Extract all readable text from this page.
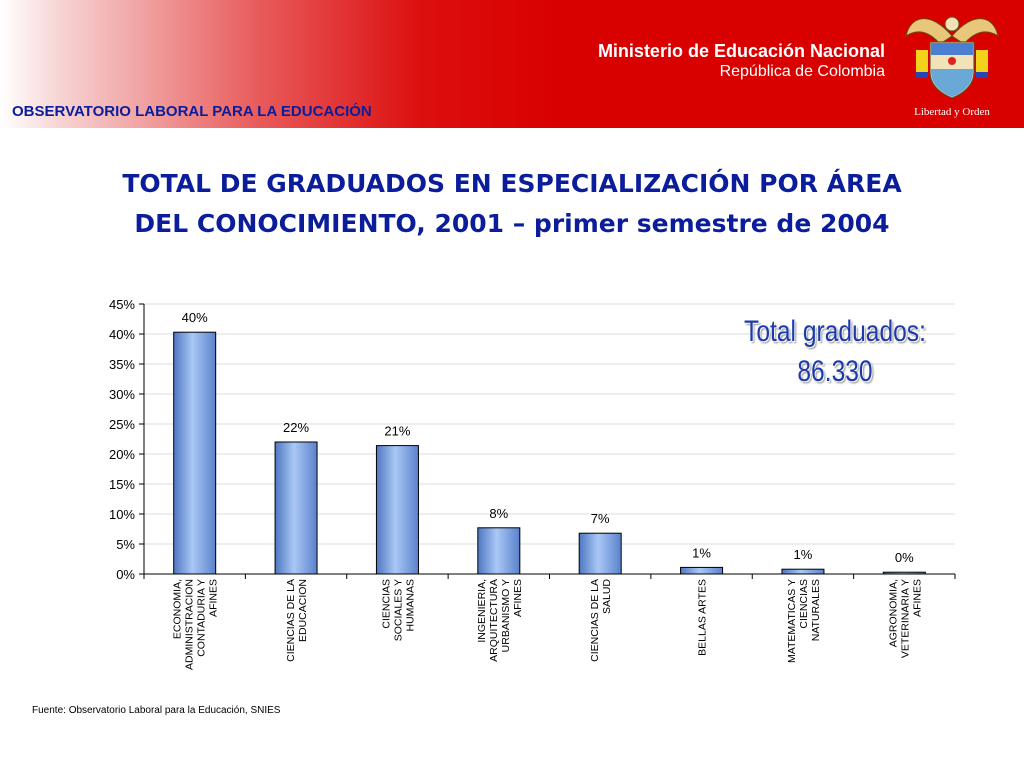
Ministerio de Educación Nacional
República de Colombia
OBSERVATORIO LABORAL PARA LA EDUCACIÓN	Libertad y Orden
TOTAL DE GRADUADOS EN ESPECIALIZACIÓN POR ÁREA
DEL CONOCIMIENTO, 2001 – primer semestre de 2004
0%
5%
10%
15%
20%
25%
30%
35%
40%
45%
40%
ECONOMIA,ADMINISTRACIONCONTADURIA YAFINES
22%
CIENCIAS DE LAEDUCACION
21%
CIENCIASSOCIALES YHUMANAS
8%
INGENIERIA,ARQUITECTURAURBANISMO YAFINES
7%
CIENCIAS DE LASALUD
1%
BELLAS ARTES
1%
MATEMATICAS YCIENCIASNATURALES
0%
AGRONOMIA,VETERINARIA YAFINES
Total graduados:
86.330
Fuente: Observatorio Laboral para la Educación, SNIES
